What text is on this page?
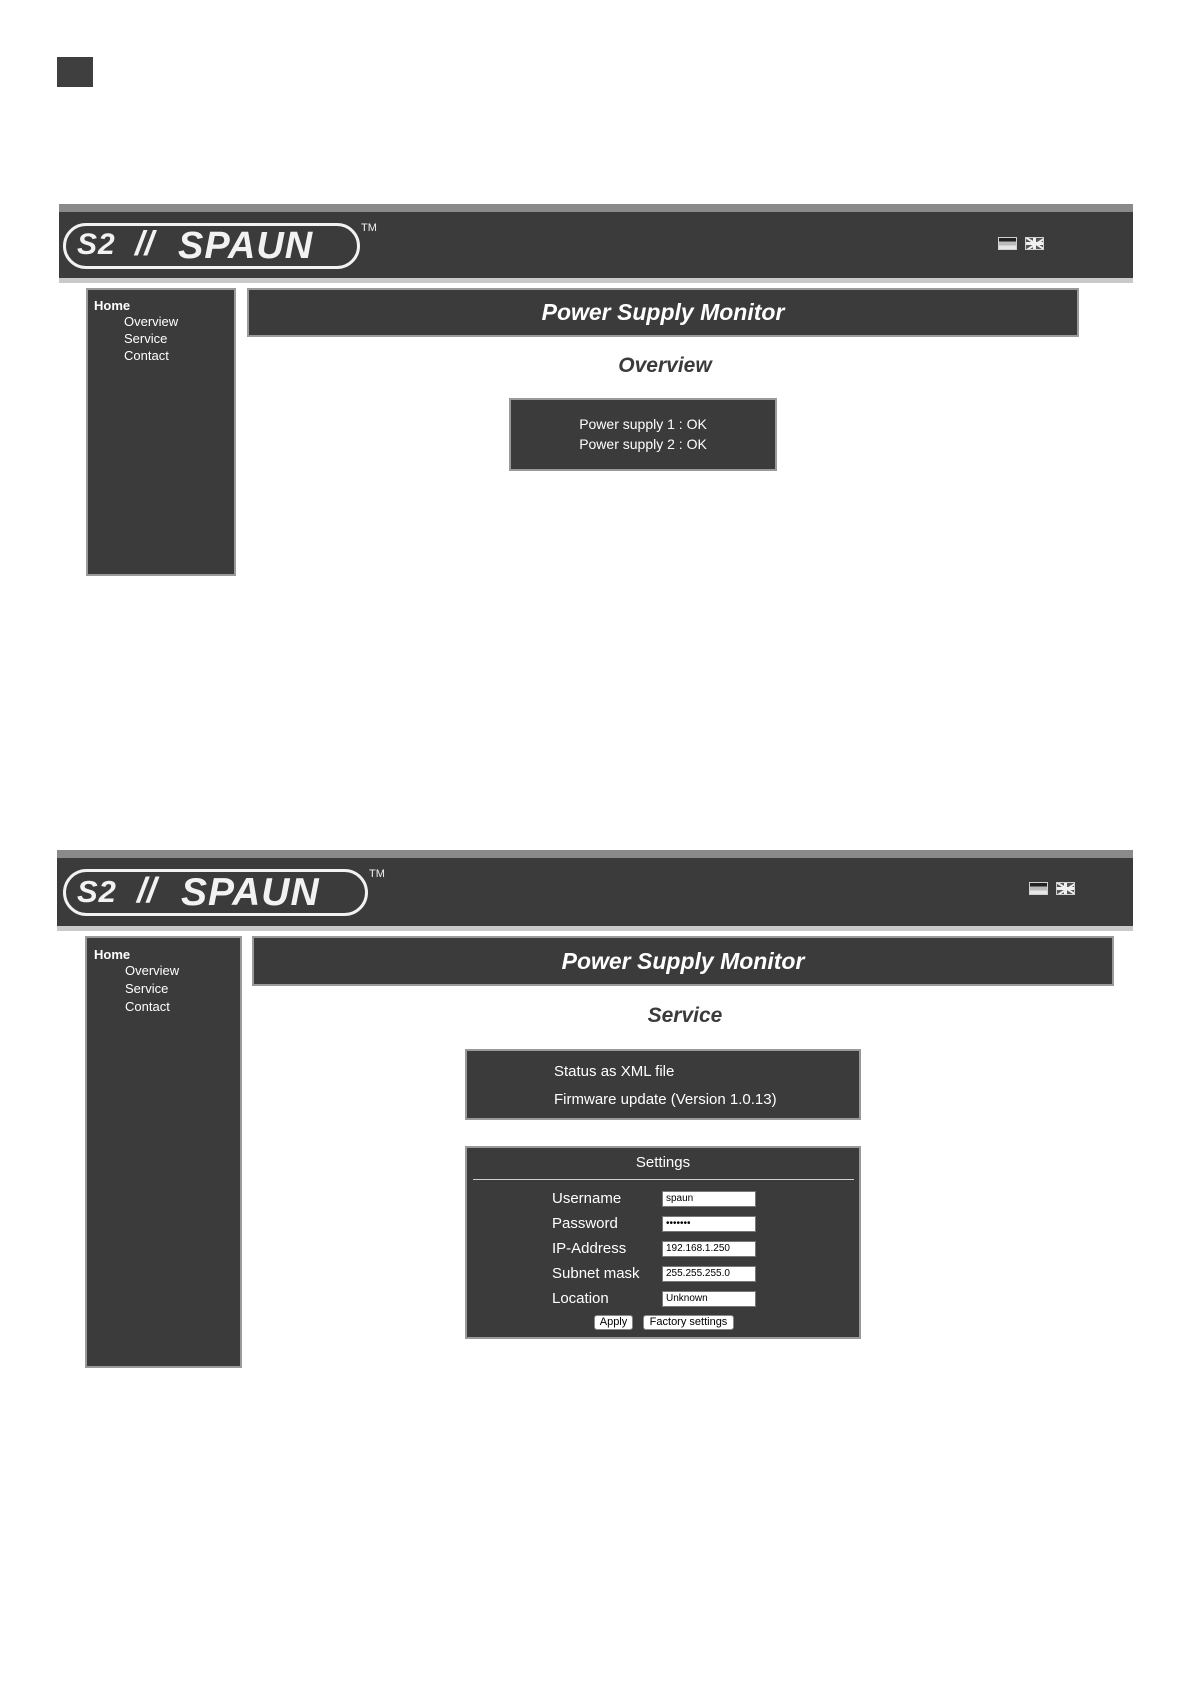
S2 // SPAUN	TM
Home
Overview
Service
Contact
Power Supply Monitor
Overview
Power supply 1 : OK
Power supply 2 : OK
S2 // SPAUN	TM
Home
Overview
Service
Contact
Power Supply Monitor
Service
Status as XML file
Firmware update (Version 1.0.13)
Settings
Username	spaun
Password	•••••••
IP-Address	192.168.1.250
Subnet mask	255.255.255.0
Location	Unknown
Apply	Factory settings
